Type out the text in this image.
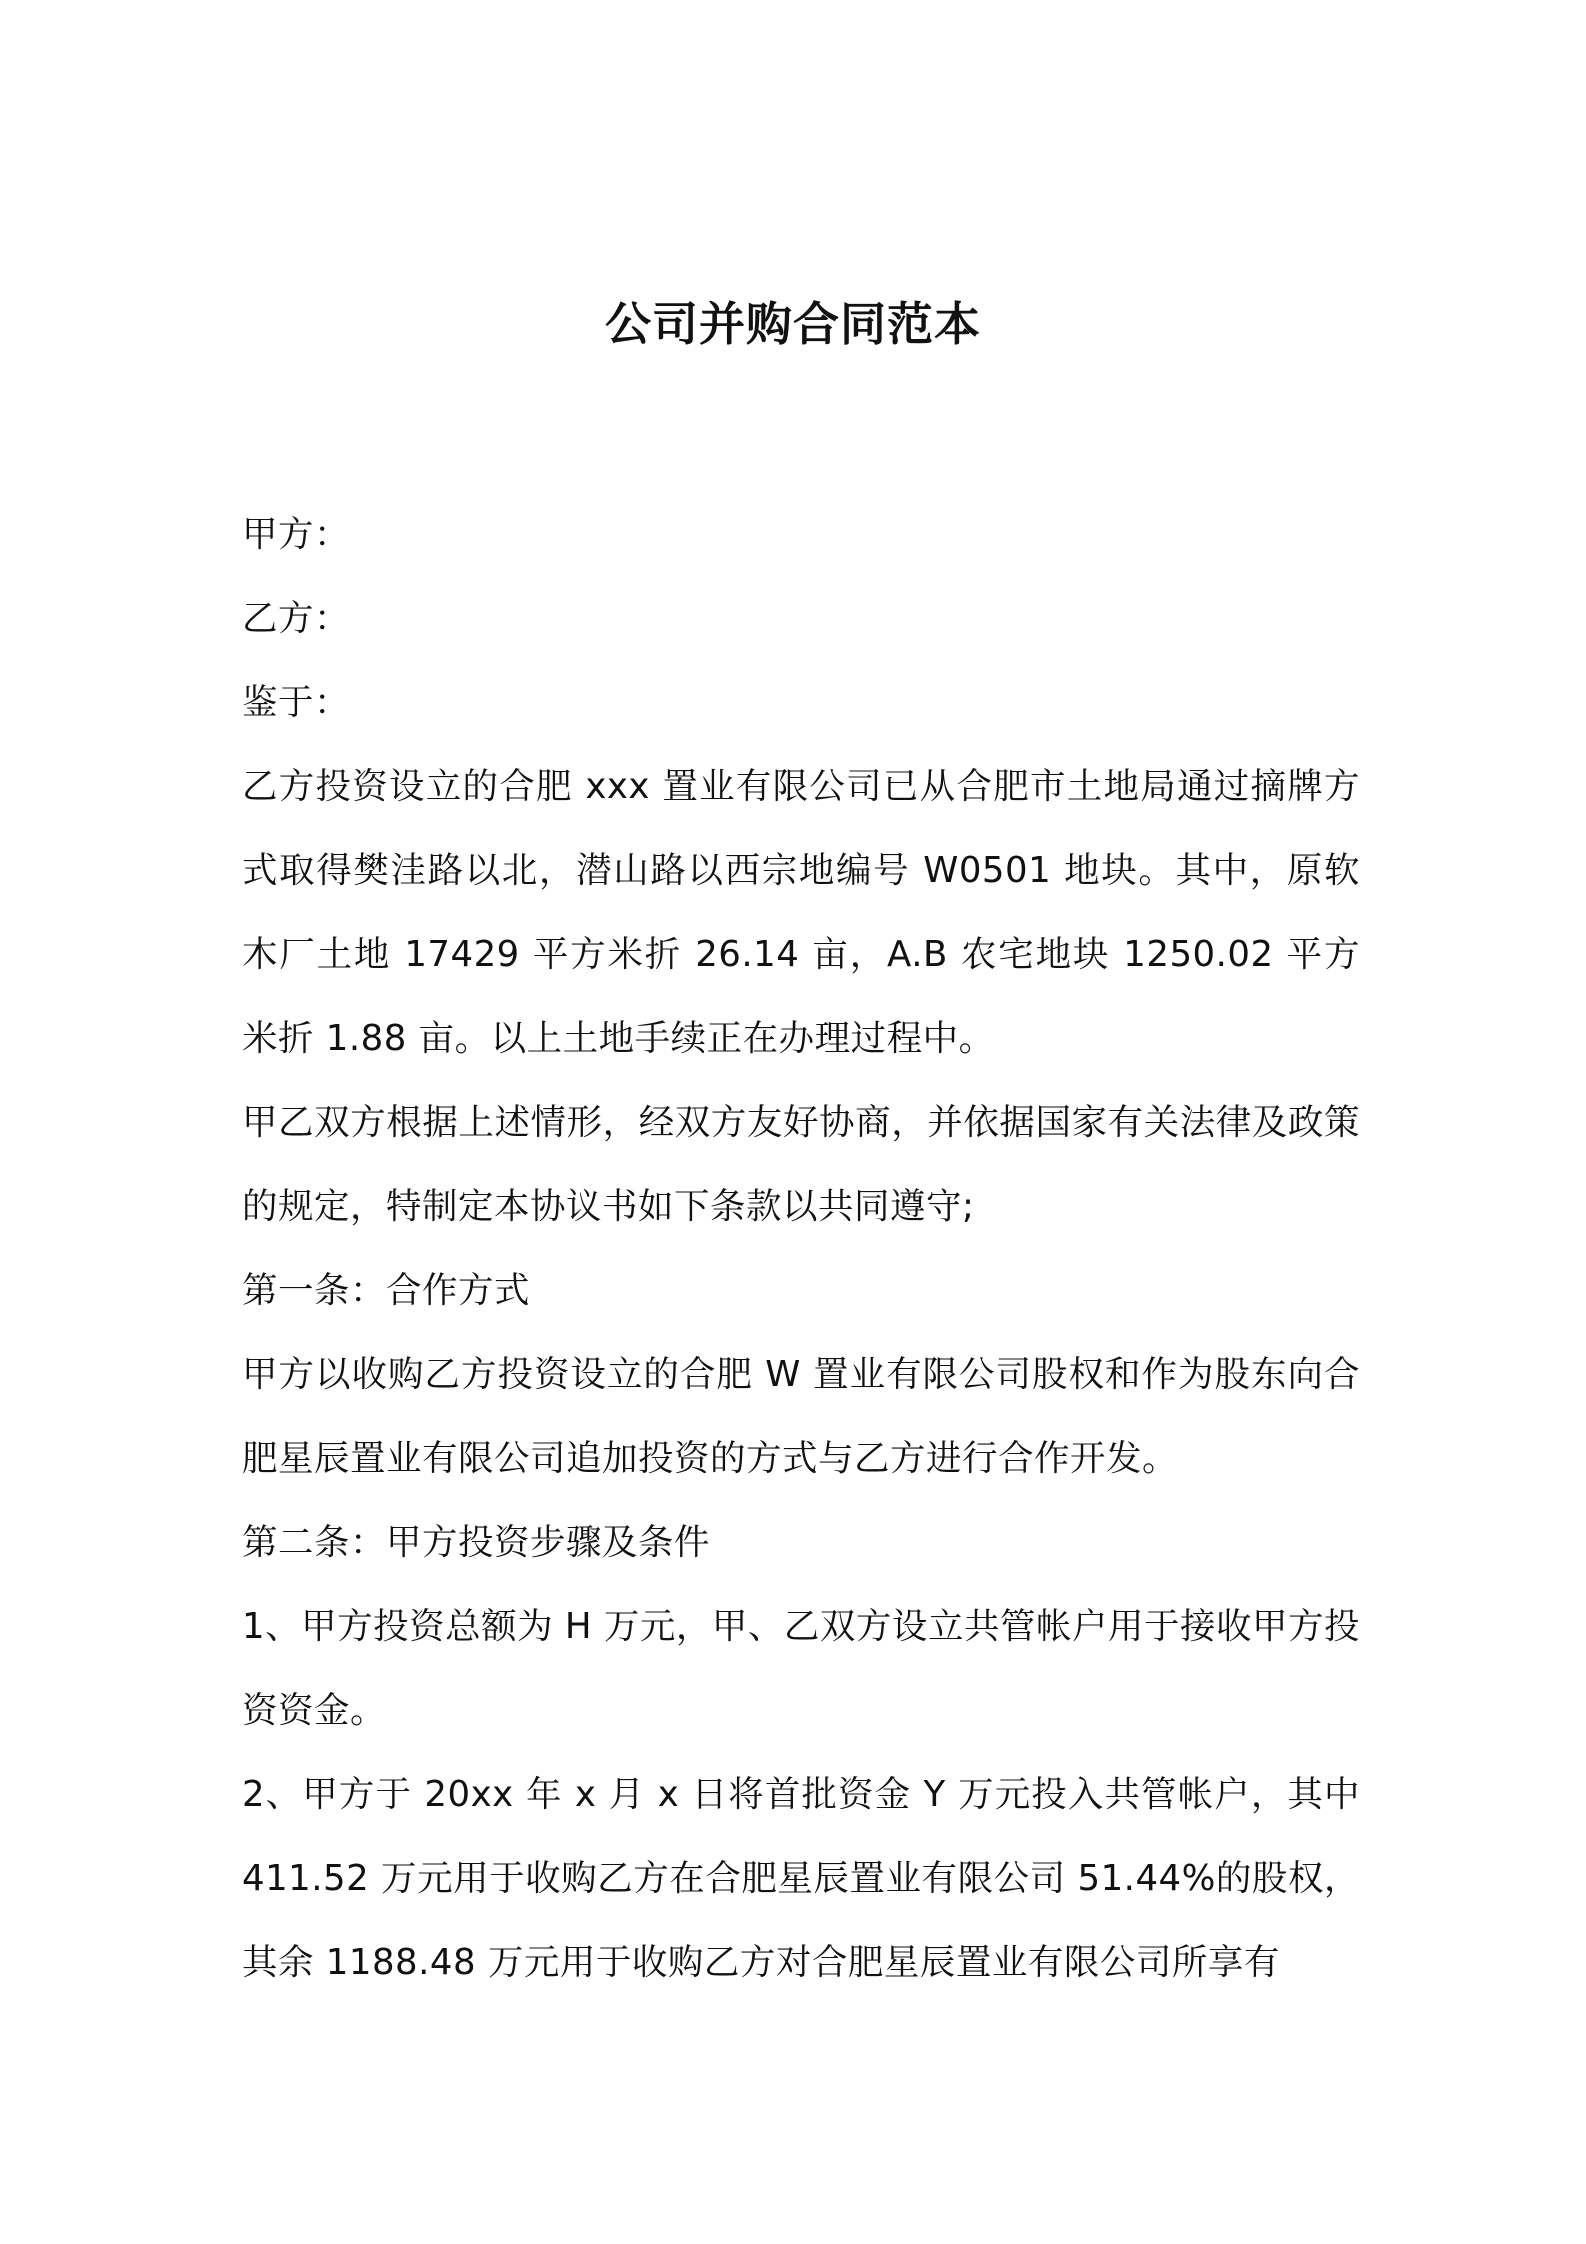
公司并购合同范本

甲方：

乙方：

鉴于：

乙方投资设立的合肥 xxx 置业有限公司已从合肥市土地局通过摘牌方式取得樊洼路以北，潜山路以西宗地编号 W0501 地块。其中，原软木厂土地 17429 平方米折 26.14 亩，A.B 农宅地块 1250.02 平方米折 1.88 亩。以上土地手续正在办理过程中。

甲乙双方根据上述情形，经双方友好协商，并依据国家有关法律及政策的规定，特制定本协议书如下条款以共同遵守;

第一条：合作方式

甲方以收购乙方投资设立的合肥 W 置业有限公司股权和作为股东向合肥星辰置业有限公司追加投资的方式与乙方进行合作开发。

第二条：甲方投资步骤及条件

1、甲方投资总额为 H 万元，甲、乙双方设立共管帐户用于接收甲方投资资金。

2、甲方于 20xx 年 x 月 x 日将首批资金 Y 万元投入共管帐户，其中 411.52 万元用于收购乙方在合肥星辰置业有限公司 51.44%的股权，其余 1188.48 万元用于收购乙方对合肥星辰置业有限公司所享有
